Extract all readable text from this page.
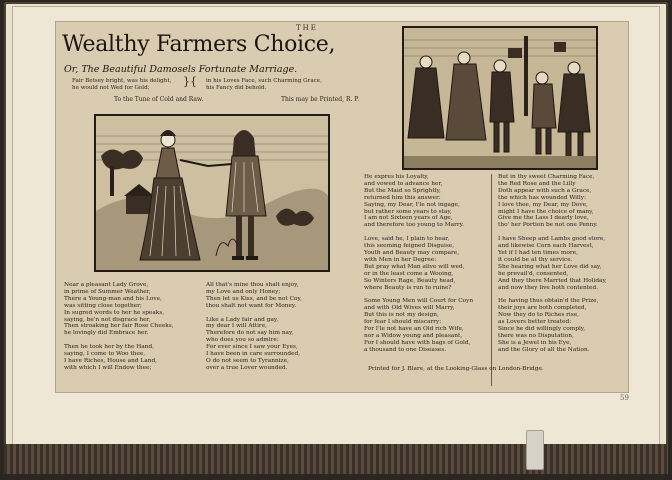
THE
Wealthy Farmers Choice,
Or, The Beautiful Damosels Fortunate Marriage.
Fair Betsey bright, was his delight,
he would not Wed for Gold;	}{ in his Loves Face, such Charming Grace,
his Fancy did behold.
To the Tune of Cold and Raw.	This may be Printed, R. P.
Near a pleasant Lady Grove,
in prime of Summer Weather,
There a Young-man and his Love,
was sitting close together;
In sugred words to her he speaks,
saying, be'n not disgrace her,
Then stroaking her fair Rose Cheeks,
he lovingly did Embrace her.

Then he took her by the Hand,
saying, I come to Woo thee,
I have Riches, House and Land,
with which I will Endow thee;
All that's mine thou shalt enjoy,
my Love and only Honey;
Then let us Kiss, and be not Coy,
thou shalt not want for Money.

Like a Lady fair and gay,
my dear I will Attire,
Therefore do not say him nay,
who does you so admire:
For ever since I saw your Eyes,
I have been in care surrounded,
O do not seem to Tyrannize,
over a true Lover wounded.
He expres his Loyalty,
and vowed to advance her,
But the Maid so Sprightly,
returned him this answer:
Saying, my Dear, I'le not ingage,
but rather some years to stay,
I am not Sixteen years of Age,
and therefore too young to Marry.

Love, said he, I plain to hear,
this seeming feigned Disguise,
Youth and Beauty may compare,
with Men in her Degree:
But pray what Man alive will wed,
or in the least come a Wooing,
So Winters Rage, Beauty head,
where Beauty is run to ruine?

Some Young Men will Court for Coyn
and with Old Wives will Marry,
But this is not my design,
for fear I should miscarry:
For I'le not have an Old rich Wife,
nor a Widow young and pleasant,
For I should have with bags of Gold,
a thousand to one Diseases.
But in thy sweet Charming Face,
the Red Rose and the Lilly
Doth appear with such a Grace,
the which has wounded Willy:
I love thee, my Dear, my Dove,
might I have the choice of many,
Give me the Lass I dearly love,
tho' her Portion be not one Penny.

I have Sheep and Lambs good store,
and likewise Corn each Harvest,
Yet if I had ten times more,
it could be at thy service.
She hearing what her Love did say,
he prevail'd, consented,
And they there Married that Holiday,
and now they live both contented.

He having thus obtain'd the Prize,
their joys are both completed,
Now they do to Riches rise,
as Lovers better treated:
Since he did willingly comply,
there was no Disputation,
She is a Jewel in his Eye,
and the Glory of all the Nation.
Printed for J. Blare, at the Looking-Glass on London-Bridge.
59
